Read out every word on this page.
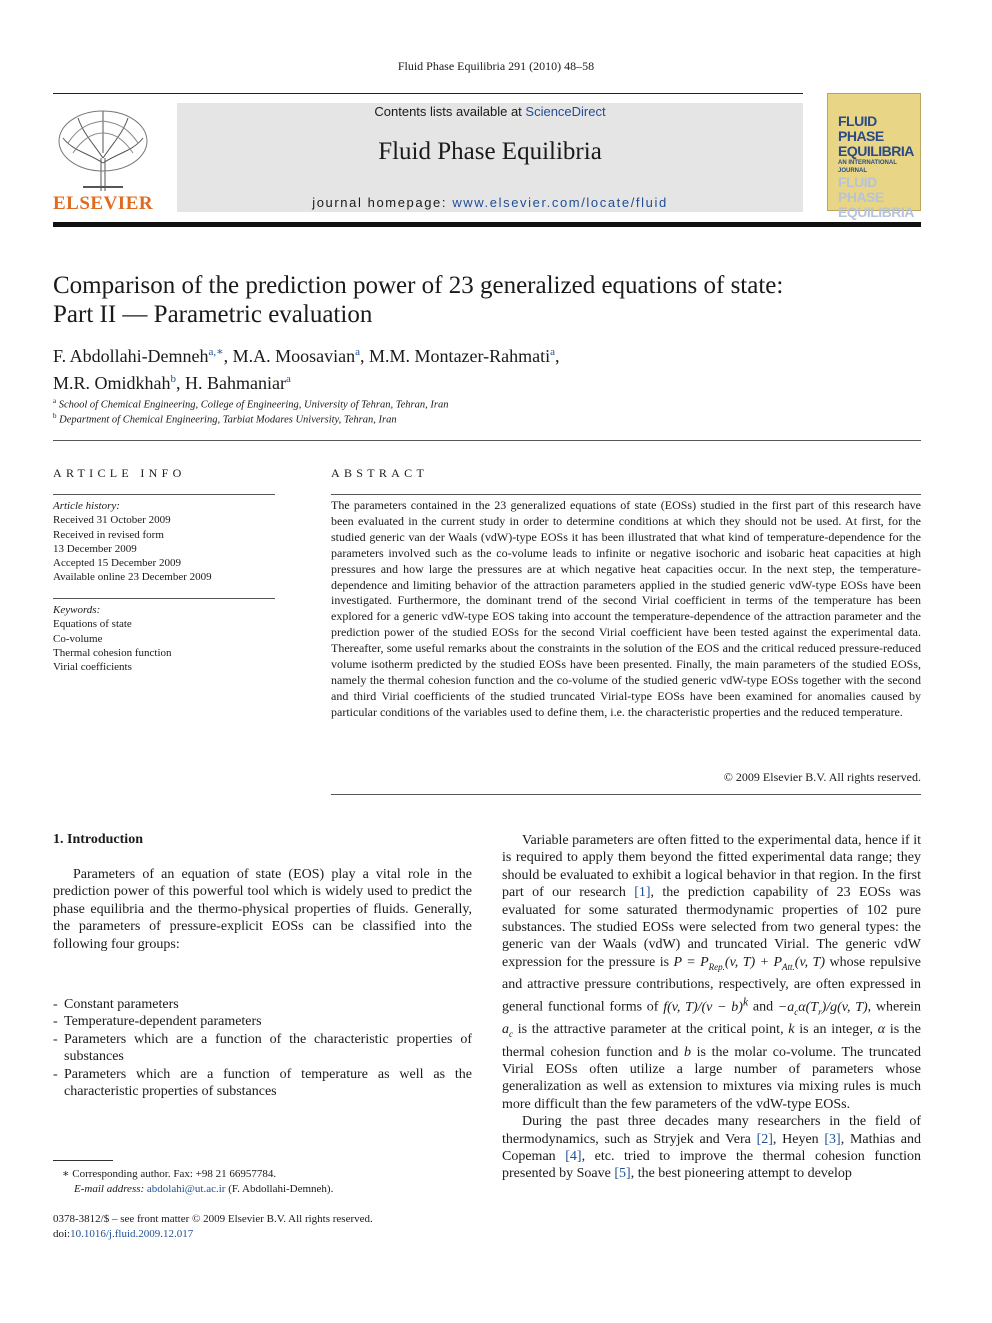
Fluid Phase Equilibria 291 (2010) 48–58
ELSEVIER
Contents lists available at ScienceDirect
Fluid Phase Equilibria
journal homepage: www.elsevier.com/locate/fluid
FLUID PHASE
EQUILIBRIA
AN INTERNATIONAL JOURNAL
FLUID PHASE
EQUILIBRIA
Comparison of the prediction power of 23 generalized equations of state:
Part II — Parametric evaluation
F. Abdollahi-Demneh$^{a,∗}$, M.A. Moosavian$^a$, M.M. Montazer-Rahmati$^a$,
M.R. Omidkhah$^b$, H. Bahmaniar$^a$
$^a$ School of Chemical Engineering, College of Engineering, University of Tehran, Tehran, Iran
$^b$ Department of Chemical Engineering, Tarbiat Modares University, Tehran, Iran
ARTICLE INFO
Article history:
Received 31 October 2009
Received in revised form
13 December 2009
Accepted 15 December 2009
Available online 23 December 2009
Keywords:
Equations of state
Co-volume
Thermal cohesion function
Virial coefficients
ABSTRACT
The parameters contained in the 23 generalized equations of state (EOSs) studied in the first part of this research have been evaluated in the current study in order to determine conditions at which they should not be used. At first, for the studied generic van der Waals (vdW)-type EOSs it has been illustrated that what kind of temperature-dependence for the parameters involved such as the co-volume leads to infinite or negative isochoric and isobaric heat capacities at high pressures and how large the pressures are at which negative heat capacities occur. In the next step, the temperature-dependence and limiting behavior of the attraction parameters applied in the studied generic vdW-type EOSs have been investigated. Furthermore, the dominant trend of the second Virial coefficient in terms of the temperature has been explored for a generic vdW-type EOS taking into account the temperature-dependence of the attraction parameter and the prediction power of the studied EOSs for the second Virial coefficient have been tested against the experimental data. Thereafter, some useful remarks about the constraints in the solution of the EOS and the critical reduced pressure-reduced volume isotherm predicted by the studied EOSs have been presented. Finally, the main parameters of the studied EOSs, namely the thermal cohesion function and the co-volume of the studied generic vdW-type EOSs together with the second and third Virial coefficients of the studied truncated Virial-type EOSs have been examined for anomalies caused by particular conditions of the variables used to define them, i.e. the characteristic properties and the reduced temperature.
© 2009 Elsevier B.V. All rights reserved.
1. Introduction

Parameters of an equation of state (EOS) play a vital role in the prediction power of this powerful tool which is widely used to predict the phase equilibria and the thermo-physical properties of fluids. Generally, the parameters of pressure-explicit EOSs can be classified into the following four groups:

- Constant parameters
- Temperature-dependent parameters
- Parameters which are a function of the characteristic properties of substances
- Parameters which are a function of temperature as well as the characteristic properties of substances
∗ Corresponding author. Fax: +98 21 66957784.
E-mail address: abdolahi@ut.ac.ir (F. Abdollahi-Demneh).
0378-3812/$ – see front matter © 2009 Elsevier B.V. All rights reserved.
doi:10.1016/j.fluid.2009.12.017

Variable parameters are often fitted to the experimental data, hence if it is required to apply them beyond the fitted experimental data range; they should be evaluated to exhibit a logical behavior in that region. In the first part of our research [1], the prediction capability of 23 EOSs was evaluated for some saturated thermodynamic properties of 102 pure substances. The studied EOSs were selected from two general types: the generic van der Waals (vdW) and truncated Virial. The generic vdW expression for the pressure is $P = P_{Rep.}(v$, $T) + P_{Att.}(v$, T) whose repulsive and attractive pressure contributions, respectively, are often expressed in general functional forms of f(v, $T)/(v - b)^k$ and $-a_c\alpha(T_r)/g(v$, T), wherein $a_c$ is the attractive parameter at the critical point, k is an integer, α is the thermal cohesion function and b is the molar co-volume. The truncated Virial EOSs often utilize a large number of parameters whose generalization as well as extension to mixtures via mixing rules is much more difficult than the few parameters of the vdW-type EOSs.

During the past three decades many researchers in the field of thermodynamics, such as Stryjek and Vera [2], Heyen [3], Mathias and Copeman [4], etc. tried to improve the thermal cohesion function presented by Soave [5], the best pioneering attempt to develop
